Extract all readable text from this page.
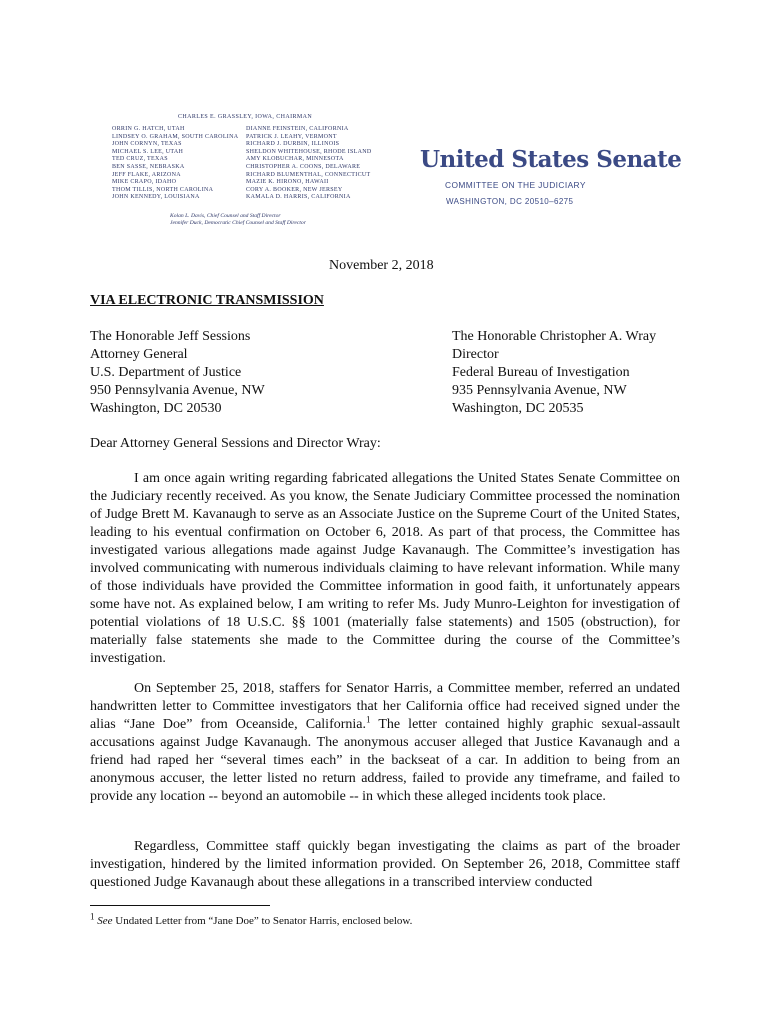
CHARLES E. GRASSLEY, IOWA, CHAIRMAN
ORRIN G. HATCH, UTAH
LINDSEY O. GRAHAM, SOUTH CAROLINA
JOHN CORNYN, TEXAS
MICHAEL S. LEE, UTAH
TED CRUZ, TEXAS
BEN SASSE, NEBRASKA
JEFF FLAKE, ARIZONA
MIKE CRAPO, IDAHO
THOM TILLIS, NORTH CAROLINA
JOHN KENNEDY, LOUISIANA
DIANNE FEINSTEIN, CALIFORNIA
PATRICK J. LEAHY, VERMONT
RICHARD J. DURBIN, ILLINOIS
SHELDON WHITEHOUSE, RHODE ISLAND
AMY KLOBUCHAR, MINNESOTA
CHRISTOPHER A. COONS, DELAWARE
RICHARD BLUMENTHAL, CONNECTICUT
MAZIE K. HIRONO, HAWAII
CORY A. BOOKER, NEW JERSEY
KAMALA D. HARRIS, CALIFORNIA
Kolan L. Davis, Chief Counsel and Staff Director
Jennifer Duck, Democratic Chief Counsel and Staff Director
United States Senate
COMMITTEE ON THE JUDICIARY
WASHINGTON, DC 20510–6275
November 2, 2018
VIA ELECTRONIC TRANSMISSION
The Honorable Jeff Sessions
Attorney General
U.S. Department of Justice
950 Pennsylvania Avenue, NW
Washington, DC 20530
The Honorable Christopher A. Wray
Director
Federal Bureau of Investigation
935 Pennsylvania Avenue, NW
Washington, DC 20535
Dear Attorney General Sessions and Director Wray:
I am once again writing regarding fabricated allegations the United States Senate Committee on the Judiciary recently received. As you know, the Senate Judiciary Committee processed the nomination of Judge Brett M. Kavanaugh to serve as an Associate Justice on the Supreme Court of the United States, leading to his eventual confirmation on October 6, 2018. As part of that process, the Committee has investigated various allegations made against Judge Kavanaugh. The Committee’s investigation has involved communicating with numerous individuals claiming to have relevant information. While many of those individuals have provided the Committee information in good faith, it unfortunately appears some have not. As explained below, I am writing to refer Ms. Judy Munro-Leighton for investigation of potential violations of 18 U.S.C. §§ 1001 (materially false statements) and 1505 (obstruction), for materially false statements she made to the Committee during the course of the Committee’s investigation.
On September 25, 2018, staffers for Senator Harris, a Committee member, referred an undated handwritten letter to Committee investigators that her California office had received signed under the alias “Jane Doe” from Oceanside, California.$^1$ The letter contained highly graphic sexual-assault accusations against Judge Kavanaugh. The anonymous accuser alleged that Justice Kavanaugh and a friend had raped her “several times each” in the backseat of a car. In addition to being from an anonymous accuser, the letter listed no return address, failed to provide any timeframe, and failed to provide any location -- beyond an automobile -- in which these alleged incidents took place.
Regardless, Committee staff quickly began investigating the claims as part of the broader investigation, hindered by the limited information provided. On September 26, 2018, Committee staff questioned Judge Kavanaugh about these allegations in a transcribed interview conducted
$^1$ See Undated Letter from “Jane Doe” to Senator Harris, enclosed below.
